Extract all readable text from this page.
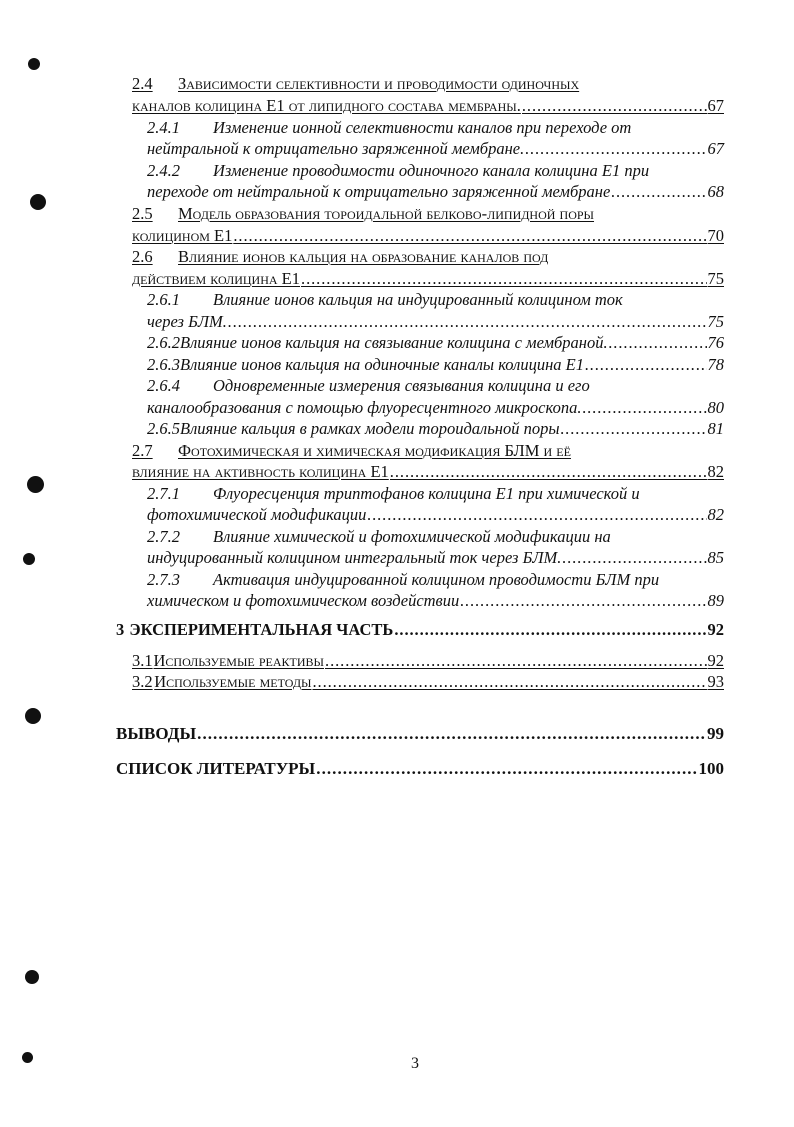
2.4	Зависимости селективности и проводимости одиночных
каналов колицина Е1 от липидного состава мембраны. . . .	67
2.4.1	Изменение ионной селективности каналов при переходе от
нейтральной к отрицательно заряженной мембране. . . .	67
2.4.2	Изменение проводимости одиночного канала колицина Е1 при
переходе от нейтральной к отрицательно заряженной мембране . . .	68
2.5	Модель образования тороидальной белково-липидной поры
колицином Е1 . . .	70
2.6	Влияние ионов кальция на образование каналов под
действием колицина Е1 . . .	75
2.6.1	Влияние ионов кальция на индуцированный колицином ток
через БЛМ. . . .	75
2.6.2 Влияние ионов кальция на связывание колицина с мембраной. . . .	76
2.6.3 Влияние ионов кальция на одиночные каналы колицина Е1 . . .	78
2.6.4	Одновременные измерения связывания колицина и его
каналообразования с помощью флуоресцентного микроскопа. . . .	80
2.6.5 Влияние кальция в рамках модели тороидальной поры . . .	81
2.7	Фотохимическая и химическая модификация БЛМ и её
влияние на активность колицина Е1 . . .	82
2.7.1	Флуоресценция триптофанов колицина Е1 при химической и
фотохимической модификации . . .	82
2.7.2	Влияние химической и фотохимической модификации на
индуцированный колицином интегральный ток через БЛМ. . . .	85
2.7.3	Активация индуцированной колицином проводимости БЛМ при
химическом и фотохимическом воздействии . . .	89
3 ЭКСПЕРИМЕНТАЛЬНАЯ ЧАСТЬ . . .	92
3.1 Используемые реактивы . . .	92
3.2 Используемые методы . . .	93
ВЫВОДЫ . . .	99
СПИСОК ЛИТЕРАТУРЫ . . .	100
3
